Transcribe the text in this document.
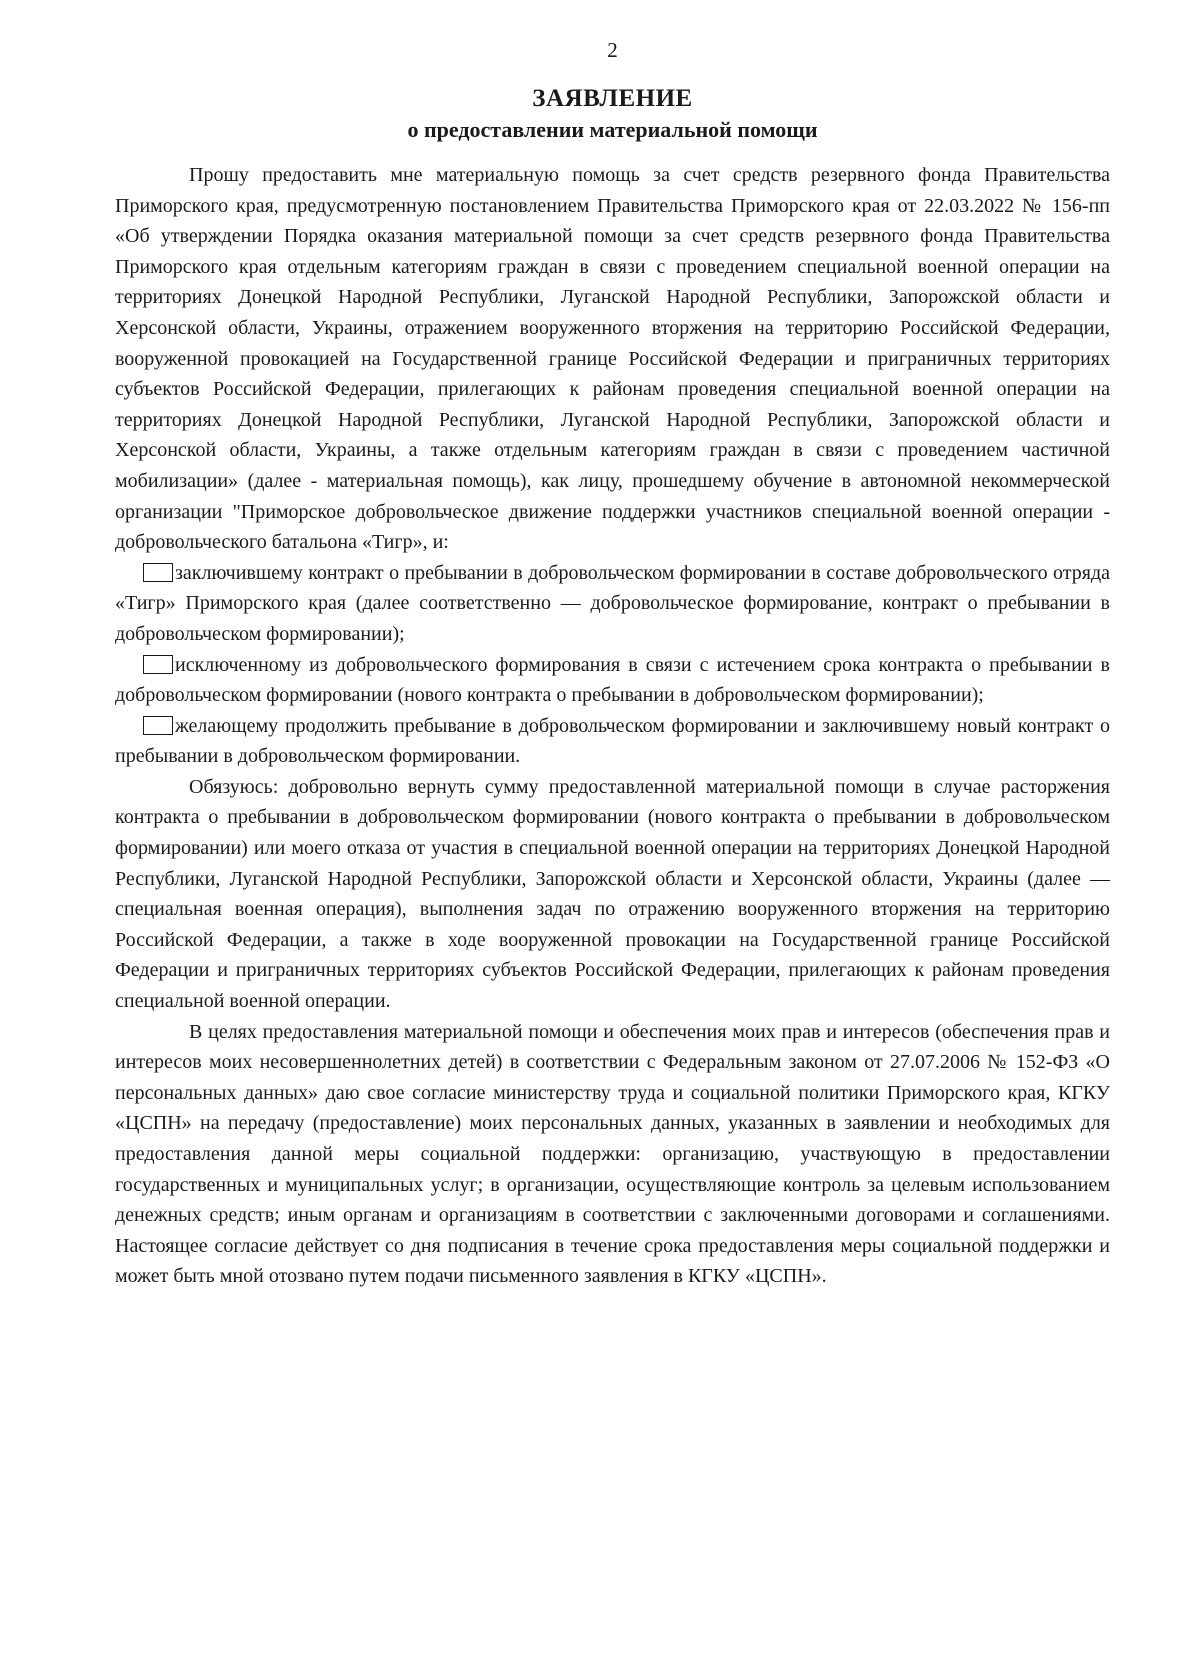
2
ЗАЯВЛЕНИЕ
о предоставлении материальной помощи

Прошу предоставить мне материальную помощь за счет средств резервного фонда Правительства Приморского края, предусмотренную постановлением Правительства Приморского края от 22.03.2022 № 156-пп «Об утверждении Порядка оказания материальной помощи за счет средств резервного фонда Правительства Приморского края отдельным категориям граждан в связи с проведением специальной военной операции на территориях Донецкой Народной Республики, Луганской Народной Республики, Запорожской области и Херсонской области, Украины, отражением вооруженного вторжения на территорию Российской Федерации, вооруженной провокацией на Государственной границе Российской Федерации и приграничных территориях субъектов Российской Федерации, прилегающих к районам проведения специальной военной операции на территориях Донецкой Народной Республики, Луганской Народной Республики, Запорожской области и Херсонской области, Украины, а также отдельным категориям граждан в связи с проведением частичной мобилизации» (далее - материальная помощь), как лицу, прошедшему обучение в автономной некоммерческой организации "Приморское добровольческое движение поддержки участников специальной военной операции - добровольческого батальона «Тигр», и:

заключившему контракт о пребывании в добровольческом формировании в составе добровольческого отряда «Тигр» Приморского края (далее соответственно — добровольческое формирование, контракт о пребывании в добровольческом формировании);

исключенному из добровольческого формирования в связи с истечением срока контракта о пребывании в добровольческом формировании (нового контракта о пребывании в добровольческом формировании);

желающему продолжить пребывание в добровольческом формировании и заключившему новый контракт о пребывании в добровольческом формировании.

Обязуюсь: добровольно вернуть сумму предоставленной материальной помощи в случае расторжения контракта о пребывании в добровольческом формировании (нового контракта о пребывании в добровольческом формировании) или моего отказа от участия в специальной военной операции на территориях Донецкой Народной Республики, Луганской Народной Республики, Запорожской области и Херсонской области, Украины (далее — специальная военная операция), выполнения задач по отражению вооруженного вторжения на территорию Российской Федерации, а также в ходе вооруженной провокации на Государственной границе Российской Федерации и приграничных территориях субъектов Российской Федерации, прилегающих к районам проведения специальной военной операции.

В целях предоставления материальной помощи и обеспечения моих прав и интересов (обеспечения прав и интересов моих несовершеннолетних детей) в соответствии с Федеральным законом от 27.07.2006 № 152-ФЗ «О персональных данных» даю свое согласие министерству труда и социальной политики Приморского края, КГКУ «ЦСПН» на передачу (предоставление) моих персональных данных, указанных в заявлении и необходимых для предоставления данной меры социальной поддержки: организацию, участвующую в предоставлении государственных и муниципальных услуг; в организации, осуществляющие контроль за целевым использованием денежных средств; иным органам и организациям в соответствии с заключенными договорами и соглашениями. Настоящее согласие действует со дня подписания в течение срока предоставления меры социальной поддержки и может быть мной отозвано путем подачи письменного заявления в КГКУ «ЦСПН».
